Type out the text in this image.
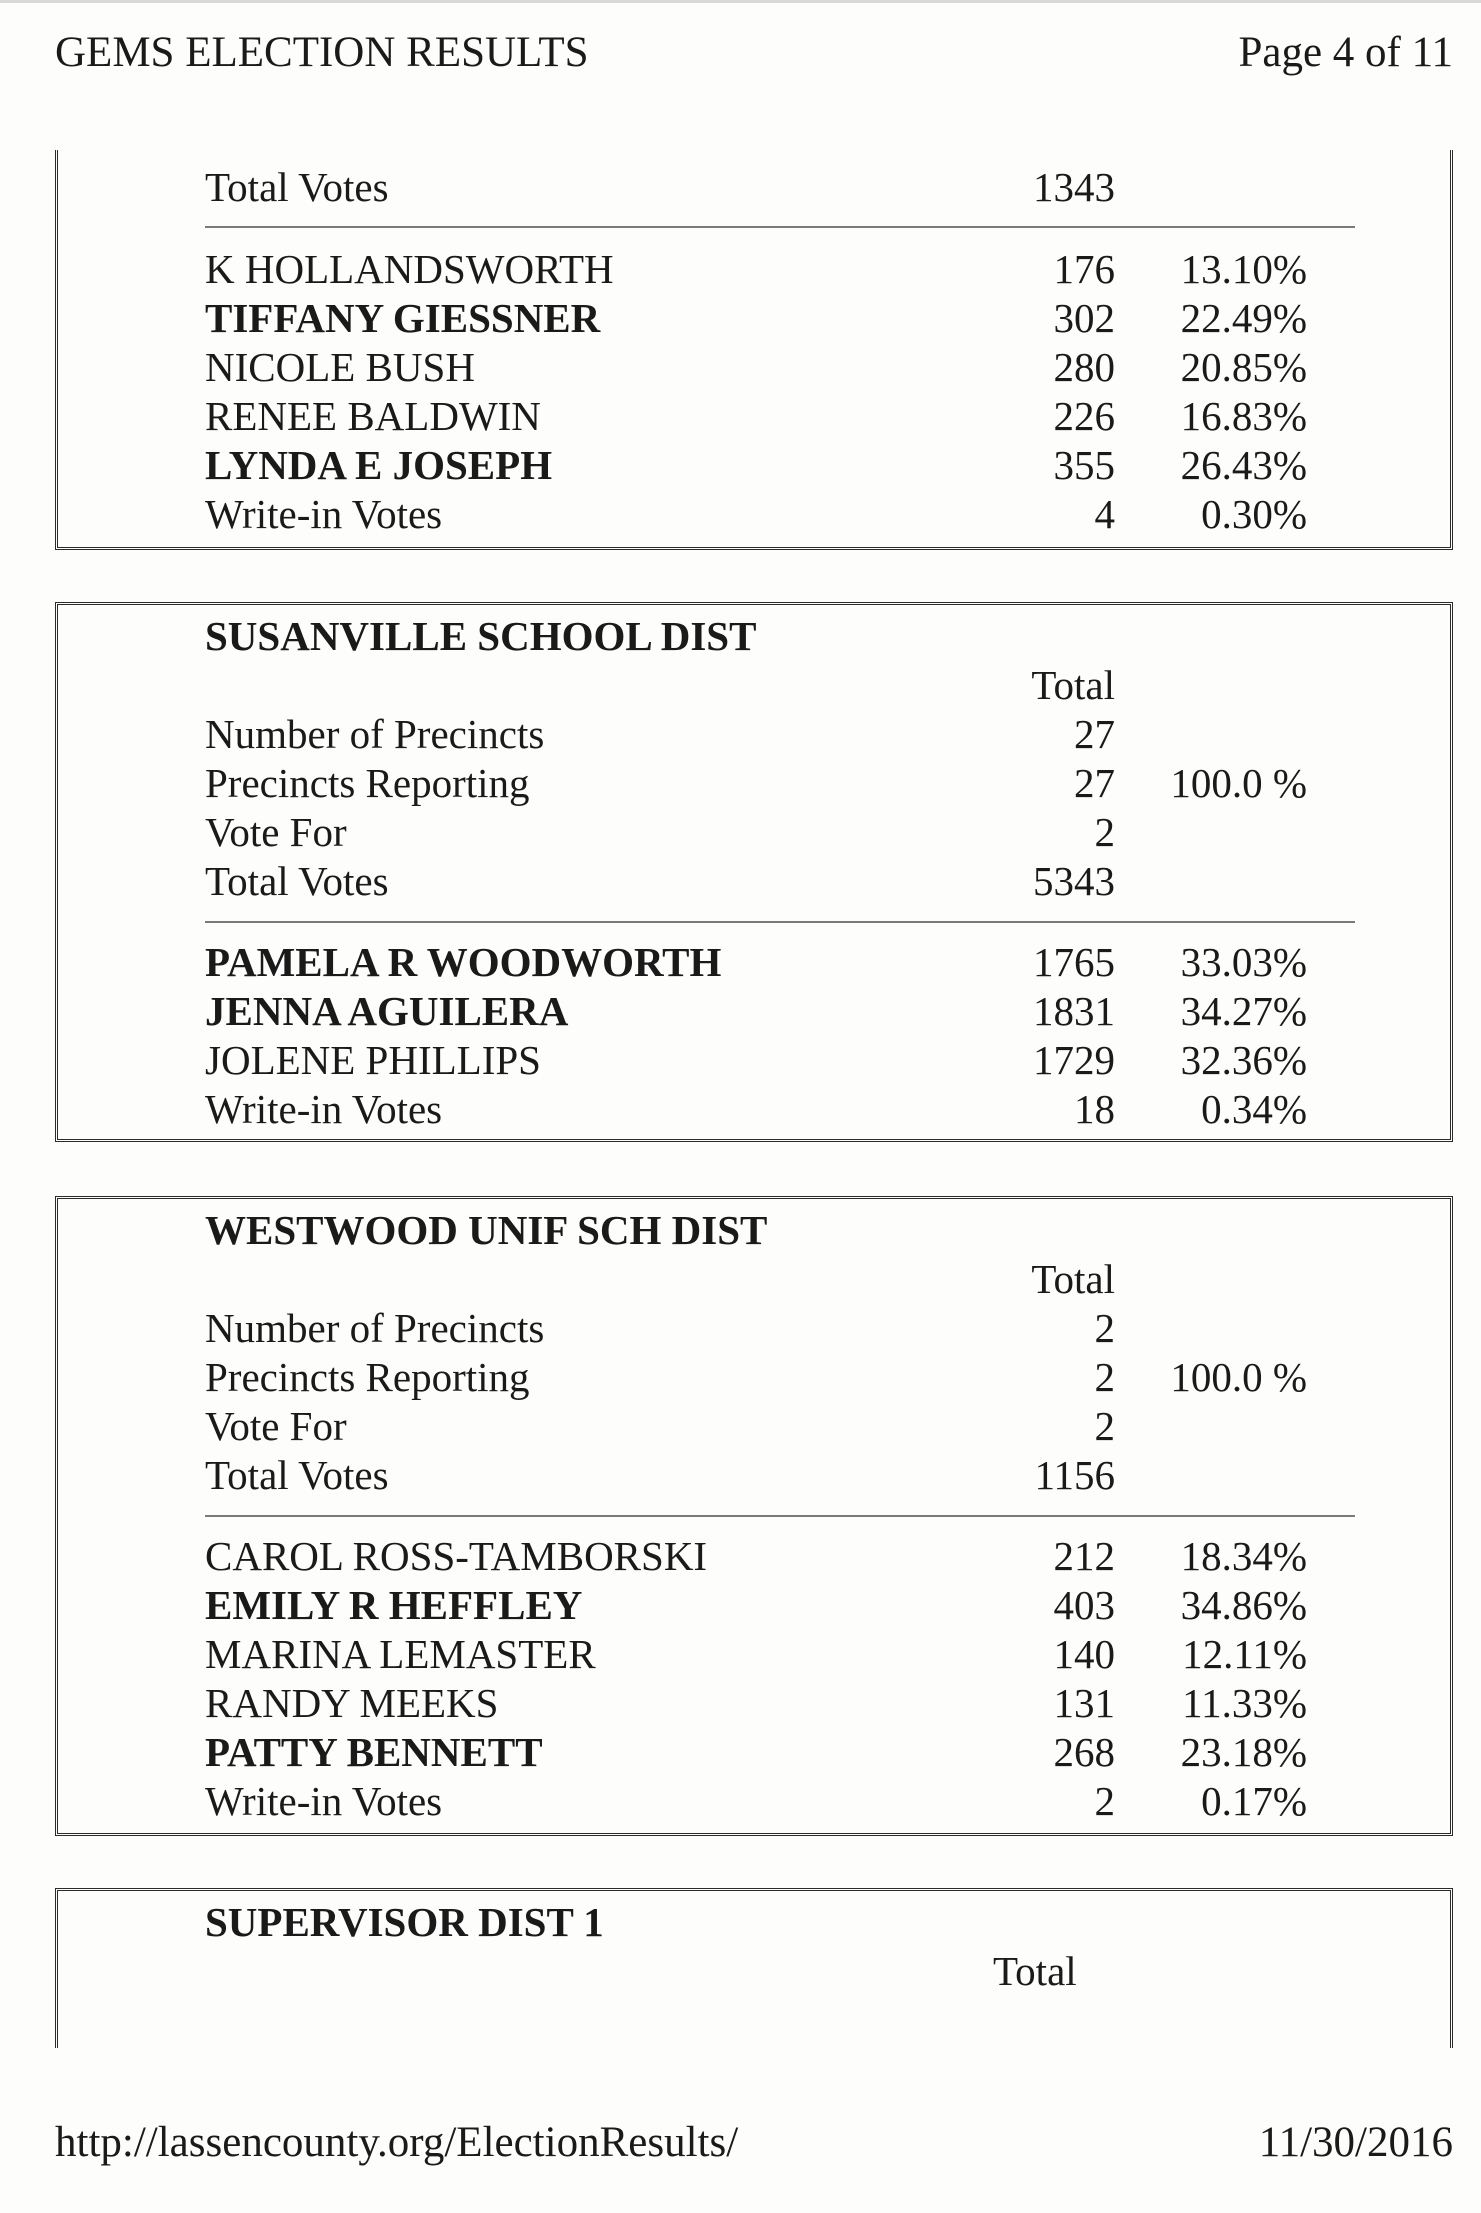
GEMS ELECTION RESULTS	Page 4 of 11
Total Votes	1343
K HOLLANDSWORTH	176 13.10%
TIFFANY GIESSNER	302 22.49%
NICOLE BUSH	280 20.85%
RENEE BALDWIN	226 16.83%
LYNDA E JOSEPH	355 26.43%
Write-in Votes	4 0.30%
SUSANVILLE SCHOOL DIST
Total
Number of Precincts	27
Precincts Reporting	27 100.0 %
Vote For	2
Total Votes	5343
PAMELA R WOODWORTH	1765 33.03%
JENNA AGUILERA	1831 34.27%
JOLENE PHILLIPS	1729 32.36%
Write-in Votes	18 0.34%
WESTWOOD UNIF SCH DIST
Total
Number of Precincts	2
Precincts Reporting	2 100.0 %
Vote For	2
Total Votes	1156
CAROL ROSS-TAMBORSKI	212 18.34%
EMILY R HEFFLEY	403 34.86%
MARINA LEMASTER	140 12.11%
RANDY MEEKS	131 11.33%
PATTY BENNETT	268 23.18%
Write-in Votes	2 0.17%
SUPERVISOR DIST 1
Total
http://lassencounty.org/ElectionResults/	11/30/2016
